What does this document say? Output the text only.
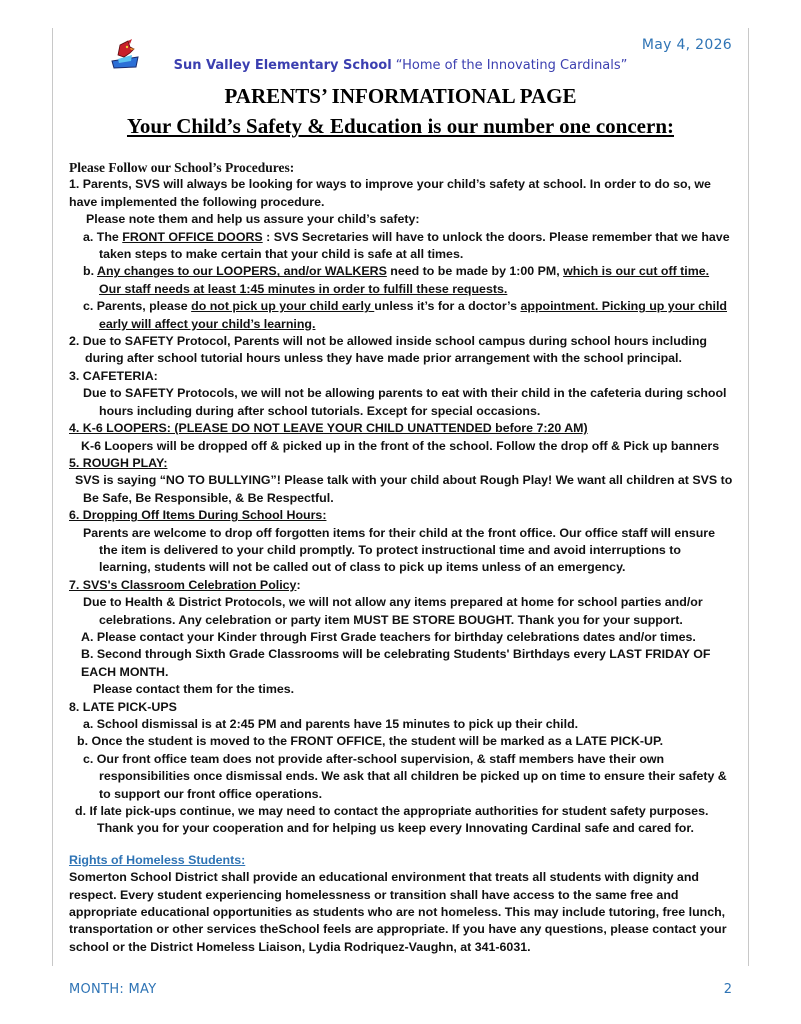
May 4, 2026
Sun Valley Elementary School “Home of the Innovating Cardinals”
PARENTS’ INFORMATIONAL PAGE
Your Child’s Safety & Education is our number one concern:

Please Follow our School’s Procedures:

1. Parents, SVS will always be looking for ways to improve your child’s safety at school. In order to do so, we have implemented the following procedure.

Please note them and help us assure your child’s safety:

a. The FRONT OFFICE DOORS : SVS Secretaries will have to unlock the doors. Please remember that we have taken steps to make certain that your child is safe at all times.

b. Any changes to our LOOPERS, and/or WALKERS need to be made by 1:00 PM, which is our cut off time. Our staff needs at least 1:45 minutes in order to fulfill these requests.

c. Parents, please do not pick up your child early unless it’s for a doctor’s appointment. Picking up your child early will affect your child’s learning.

2. Due to SAFETY Protocol, Parents will not be allowed inside school campus during school hours including during after school tutorial hours unless they have made prior arrangement with the school principal.

3. CAFETERIA:

Due to SAFETY Protocols, we will not be allowing parents to eat with their child in the cafeteria during school hours including during after school tutorials. Except for special occasions.

4. K-6 LOOPERS: (PLEASE DO NOT LEAVE YOUR CHILD UNATTENDED before 7:20 AM)

K-6 Loopers will be dropped off & picked up in the front of the school. Follow the drop off & Pick up banners

5. ROUGH PLAY:

SVS is saying “NO TO BULLYING”! Please talk with your child about Rough Play! We want all children at SVS to Be Safe, Be Responsible, & Be Respectful.

6. Dropping Off Items During School Hours:

Parents are welcome to drop off forgotten items for their child at the front office. Our office staff will ensure the item is delivered to your child promptly. To protect instructional time and avoid interruptions to learning, students will not be called out of class to pick up items unless of an emergency.

7. SVS's Classroom Celebration Policy:

Due to Health & District Protocols, we will not allow any items prepared at home for school parties and/or celebrations. Any celebration or party item MUST BE STORE BOUGHT. Thank you for your support.

A. Please contact your Kinder through First Grade teachers for birthday celebrations dates and/or times.

B. Second through Sixth Grade Classrooms will be celebrating Students' Birthdays every LAST FRIDAY OF EACH MONTH.

Please contact them for the times.

8. LATE PICK-UPS

a. School dismissal is at 2:45 PM and parents have 15 minutes to pick up their child.

b. Once the student is moved to the FRONT OFFICE, the student will be marked as a LATE PICK-UP.

c. Our front office team does not provide after-school supervision, & staff members have their own responsibilities once dismissal ends. We ask that all children be picked up on time to ensure their safety & to support our front office operations.

d. If late pick-ups continue, we may need to contact the appropriate authorities for student safety purposes.

Thank you for your cooperation and for helping us keep every Innovating Cardinal safe and cared for.

Rights of Homeless Students:

Somerton School District shall provide an educational environment that treats all students with dignity and respect. Every student experiencing homelessness or transition shall have access to the same free and appropriate educational opportunities as students who are not homeless. This may include tutoring, free lunch, transportation or other services theSchool feels are appropriate. If you have any questions, please contact your school or the District Homeless Liaison, Lydia Rodriquez-Vaughn, at 341-6031.

MONTH: MAY	2
